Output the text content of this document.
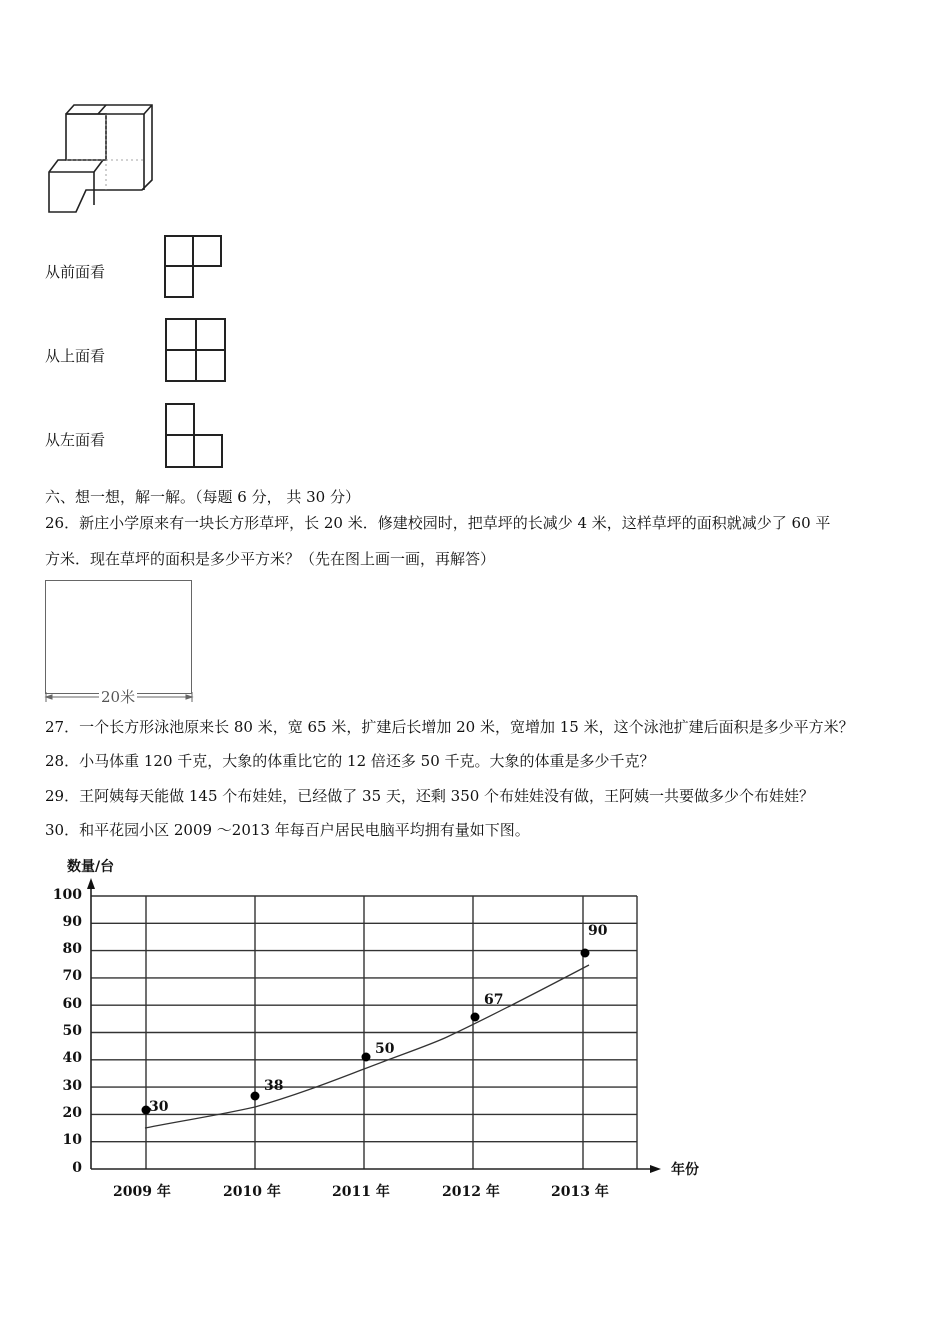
从前面看
从上面看
从左面看
六、想一想，解一解。（每题 6 分， 共 30 分）
26．新庄小学原来有一块长方形草坪，长 20 米．修建校园时，把草坪的长减少 4 米，这样草坪的面积就减少了 60 平
方米．现在草坪的面积是多少平方米？（先在图上画一画，再解答）
20米
27．一个长方形泳池原来长 80 米，宽 65 米，扩建后长增加 20 米，宽增加 15 米，这个泳池扩建后面积是多少平方米？
28．小马体重 120 千克，大象的体重比它的 12 倍还多 50 千克。大象的体重是多少千克？
29．王阿姨每天能做 145 个布娃娃，已经做了 35 天，还剩 350 个布娃娃没有做，王阿姨一共要做多少个布娃娃？
30．和平花园小区 2009 ～2013 年每百户居民电脑平均拥有量如下图。
数量/台
年份
100
90
80
70
60
50
40
30
20
10
0
2009 年	2010 年	2011 年	2012 年	2013 年
30
38
50
67
90
